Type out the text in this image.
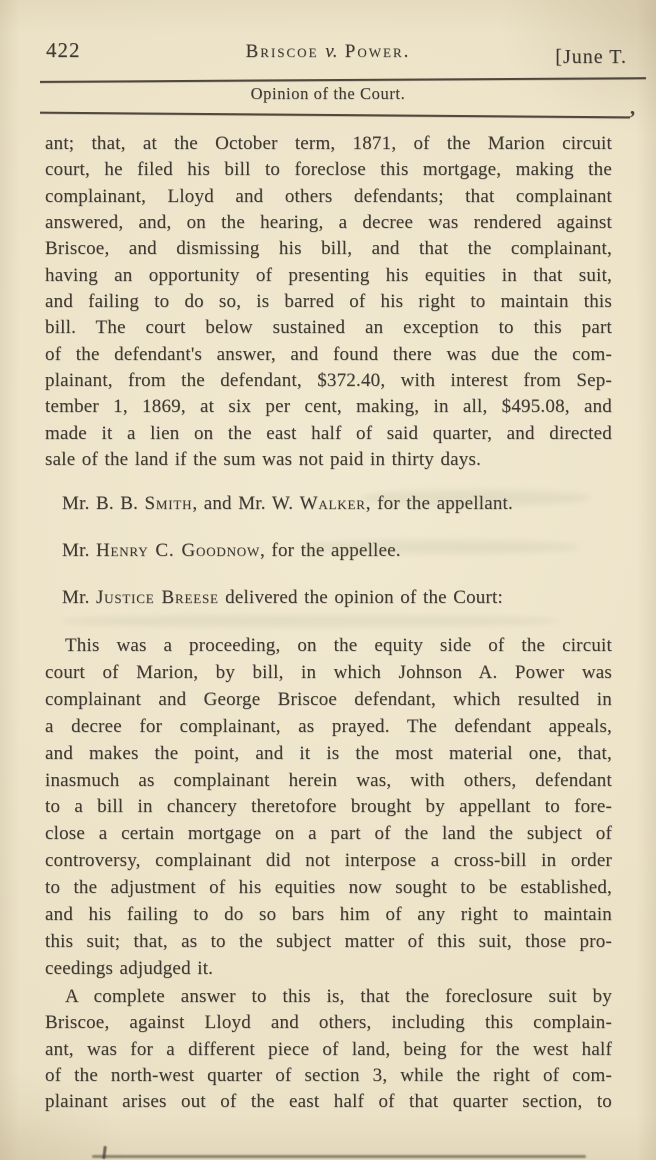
422	Briscoe v. Power.	[June T.
Opinion of the Court.
’
ant; that, at the October term, 1871, of the Marion circuit
court, he filed his bill to foreclose this mortgage, making the
complainant, Lloyd and others defendants; that complainant
answered, and, on the hearing, a decree was rendered against
Briscoe, and dismissing his bill, and that the complainant,
having an opportunity of presenting his equities in that suit,
and failing to do so, is barred of his right to maintain this
bill. The court below sustained an exception to this part
of the defendant's answer, and found there was due the com-
plainant, from the defendant, $372.40, with interest from Sep-
tember 1, 1869, at six per cent, making, in all, $495.08, and
made it a lien on the east half of said quarter, and directed
sale of the land if the sum was not paid in thirty days.
Mr. B. B. Smith, and Mr. W. Walker, for the appellant.
Mr. Henry C. Goodnow, for the appellee.
Mr. Justice Breese delivered the opinion of the Court:
This was a proceeding, on the equity side of the circuit
court of Marion, by bill, in which Johnson A. Power was
complainant and George Briscoe defendant, which resulted in
a decree for complainant, as prayed. The defendant appeals,
and makes the point, and it is the most material one, that,
inasmuch as complainant herein was, with others, defendant
to a bill in chancery theretofore brought by appellant to fore-
close a certain mortgage on a part of the land the subject of
controversy, complainant did not interpose a cross-bill in order
to the adjustment of his equities now sought to be established,
and his failing to do so bars him of any right to maintain
this suit; that, as to the subject matter of this suit, those pro-
ceedings adjudged it.
A complete answer to this is, that the foreclosure suit by
Briscoe, against Lloyd and others, including this complain-
ant, was for a different piece of land, being for the west half
of the north-west quarter of section 3, while the right of com-
plainant arises out of the east half of that quarter section, to
